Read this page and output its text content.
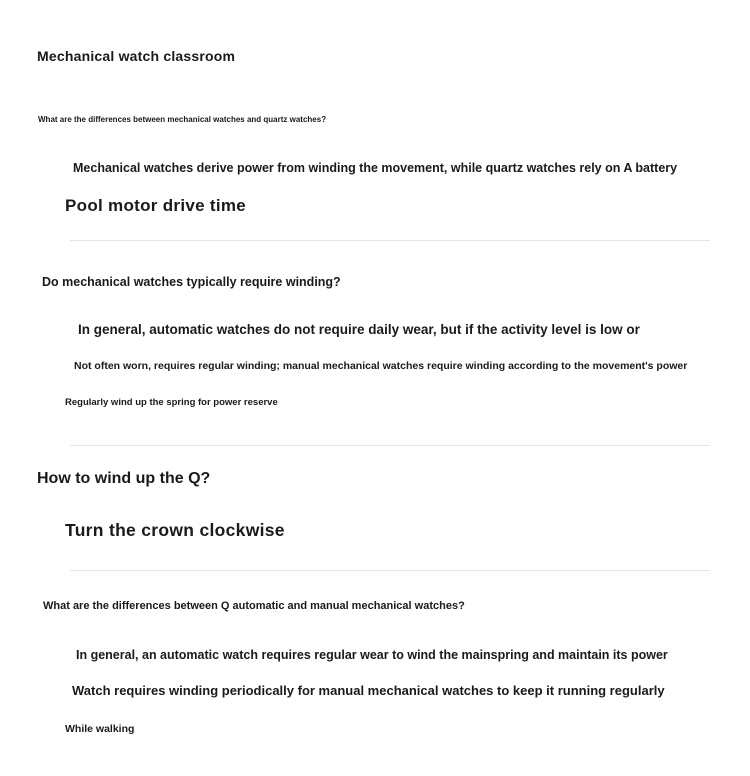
Mechanical watch classroom
What are the differences between mechanical watches and quartz watches?
Mechanical watches derive power from winding the movement, while quartz watches rely on A battery
Pool motor drive time
Do mechanical watches typically require winding?
In general, automatic watches do not require daily wear, but if the activity level is low or
Not often worn, requires regular winding; manual mechanical watches require winding according to the movement's power
Regularly wind up the spring for power reserve
How to wind up the Q?
Turn the crown clockwise
What are the differences between Q automatic and manual mechanical watches?
In general, an automatic watch requires regular wear to wind the mainspring and maintain its power
Watch requires winding periodically for manual mechanical watches to keep it running regularly
While walking
